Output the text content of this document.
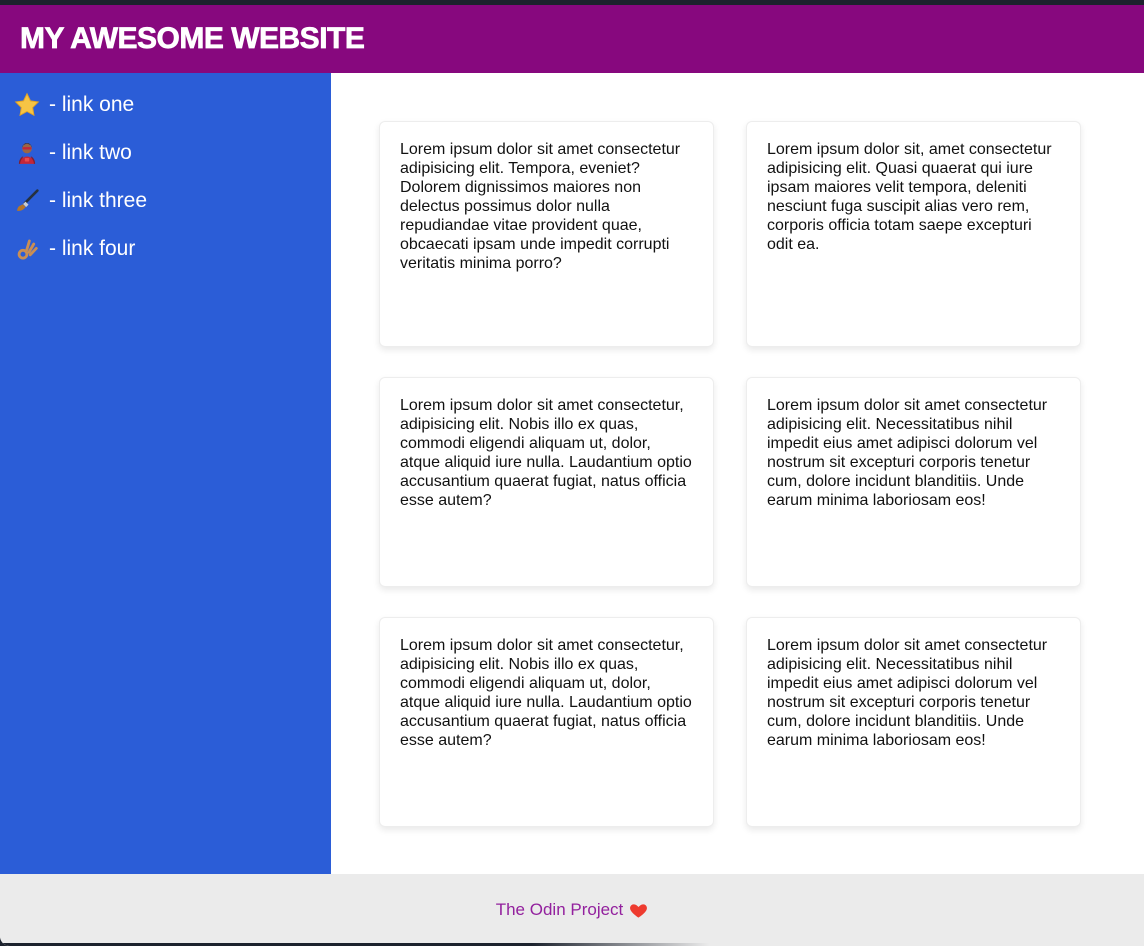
MY AWESOME WEBSITE
- link one
- link two
- link three
- link four

Lorem ipsum dolor sit amet consectetur adipisicing elit. Tempora, eveniet? Dolorem dignissimos maiores non delectus possimus dolor nulla repudiandae vitae provident quae, obcaecati ipsam unde impedit corrupti veritatis minima porro?

Lorem ipsum dolor sit, amet consectetur adipisicing elit. Quasi quaerat qui iure ipsam maiores velit tempora, deleniti nesciunt fuga suscipit alias vero rem, corporis officia totam saepe excepturi odit ea.

Lorem ipsum dolor sit amet consectetur, adipisicing elit. Nobis illo ex quas, commodi eligendi aliquam ut, dolor, atque aliquid iure nulla. Laudantium optio accusantium quaerat fugiat, natus officia esse autem?

Lorem ipsum dolor sit amet consectetur adipisicing elit. Necessitatibus nihil impedit eius amet adipisci dolorum vel nostrum sit excepturi corporis tenetur cum, dolore incidunt blanditiis. Unde earum minima laboriosam eos!

Lorem ipsum dolor sit amet consectetur, adipisicing elit. Nobis illo ex quas, commodi eligendi aliquam ut, dolor, atque aliquid iure nulla. Laudantium optio accusantium quaerat fugiat, natus officia esse autem?

Lorem ipsum dolor sit amet consectetur adipisicing elit. Necessitatibus nihil impedit eius amet adipisci dolorum vel nostrum sit excepturi corporis tenetur cum, dolore incidunt blanditiis. Unde earum minima laboriosam eos!

The Odin Project
